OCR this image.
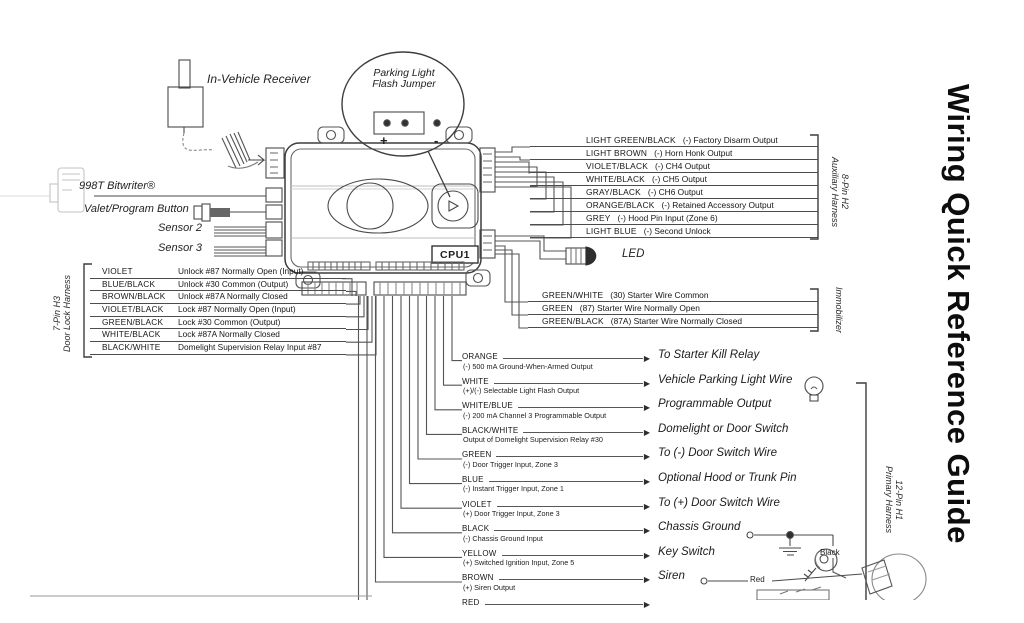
Wiring Quick Reference Guide
Parking Light
Flash Jumper
+	-
In-Vehicle Receiver
998T Bitwriter®
Valet/Program Button
Sensor 2
Sensor 3	LED
CPU1
LIGHT GREEN/BLACK (-) Factory Disarm Output
LIGHT BROWN (-) Horn Honk Output
VIOLET/BLACK (-) CH4 Output
WHITE/BLACK (-) CH5 Output
GRAY/BLACK (-) CH6 Output
ORANGE/BLACK (-) Retained Accessory Output
GREY (-) Hood Pin Input (Zone 6)
LIGHT BLUE (-) Second Unlock
8-Pin H2
Auxiliary Harness
GREEN/WHITE (30) Starter Wire Common
GREEN (87) Starter Wire Normally Open
GREEN/BLACK (87A) Starter Wire Normally Closed	Immobilizer
VIOLET	Unlock #87 Normally Open (Input)
BLUE/BLACK	Unlock #30 Common (Output)
BROWN/BLACK Unlock #87A Normally Closed
VIOLET/BLACK Lock #87 Normally Open (Input)
GREEN/BLACK Lock #30 Common (Output)
WHITE/BLACK Lock #87A Normally Closed
BLACK/WHITE Domelight Supervision Relay Input #87
7-Pin H3 Door Lock Harness
ORANGE	▶
(-) 500 mA Ground-When-Armed Output
To Starter Kill Relay
WHITE	▶
(+)/(-) Selectable Light Flash Output
Vehicle Parking Light Wire
WHITE/BLUE	▶
(-) 200 mA Channel 3 Programmable Output
Programmable Output
BLACK/WHITE	▶
Output of Domelight Supervision Relay #30
Domelight or Door Switch
GREEN	▶
(-) Door Trigger Input, Zone 3
To (-) Door Switch Wire
BLUE	▶
(-) Instant Trigger Input, Zone 1
Optional Hood or Trunk Pin
VIOLET	▶
(+) Door Trigger Input, Zone 3
To (+) Door Switch Wire
BLACK	▶
(-) Chassis Ground Input
Chassis Ground
YELLOW	▶
(+) Switched Ignition Input, Zone 5
Key Switch
BROWN	▶
(+) Siren Output
Siren
RED	▶
12-Pin H1
Primary Harness
Black
Red
